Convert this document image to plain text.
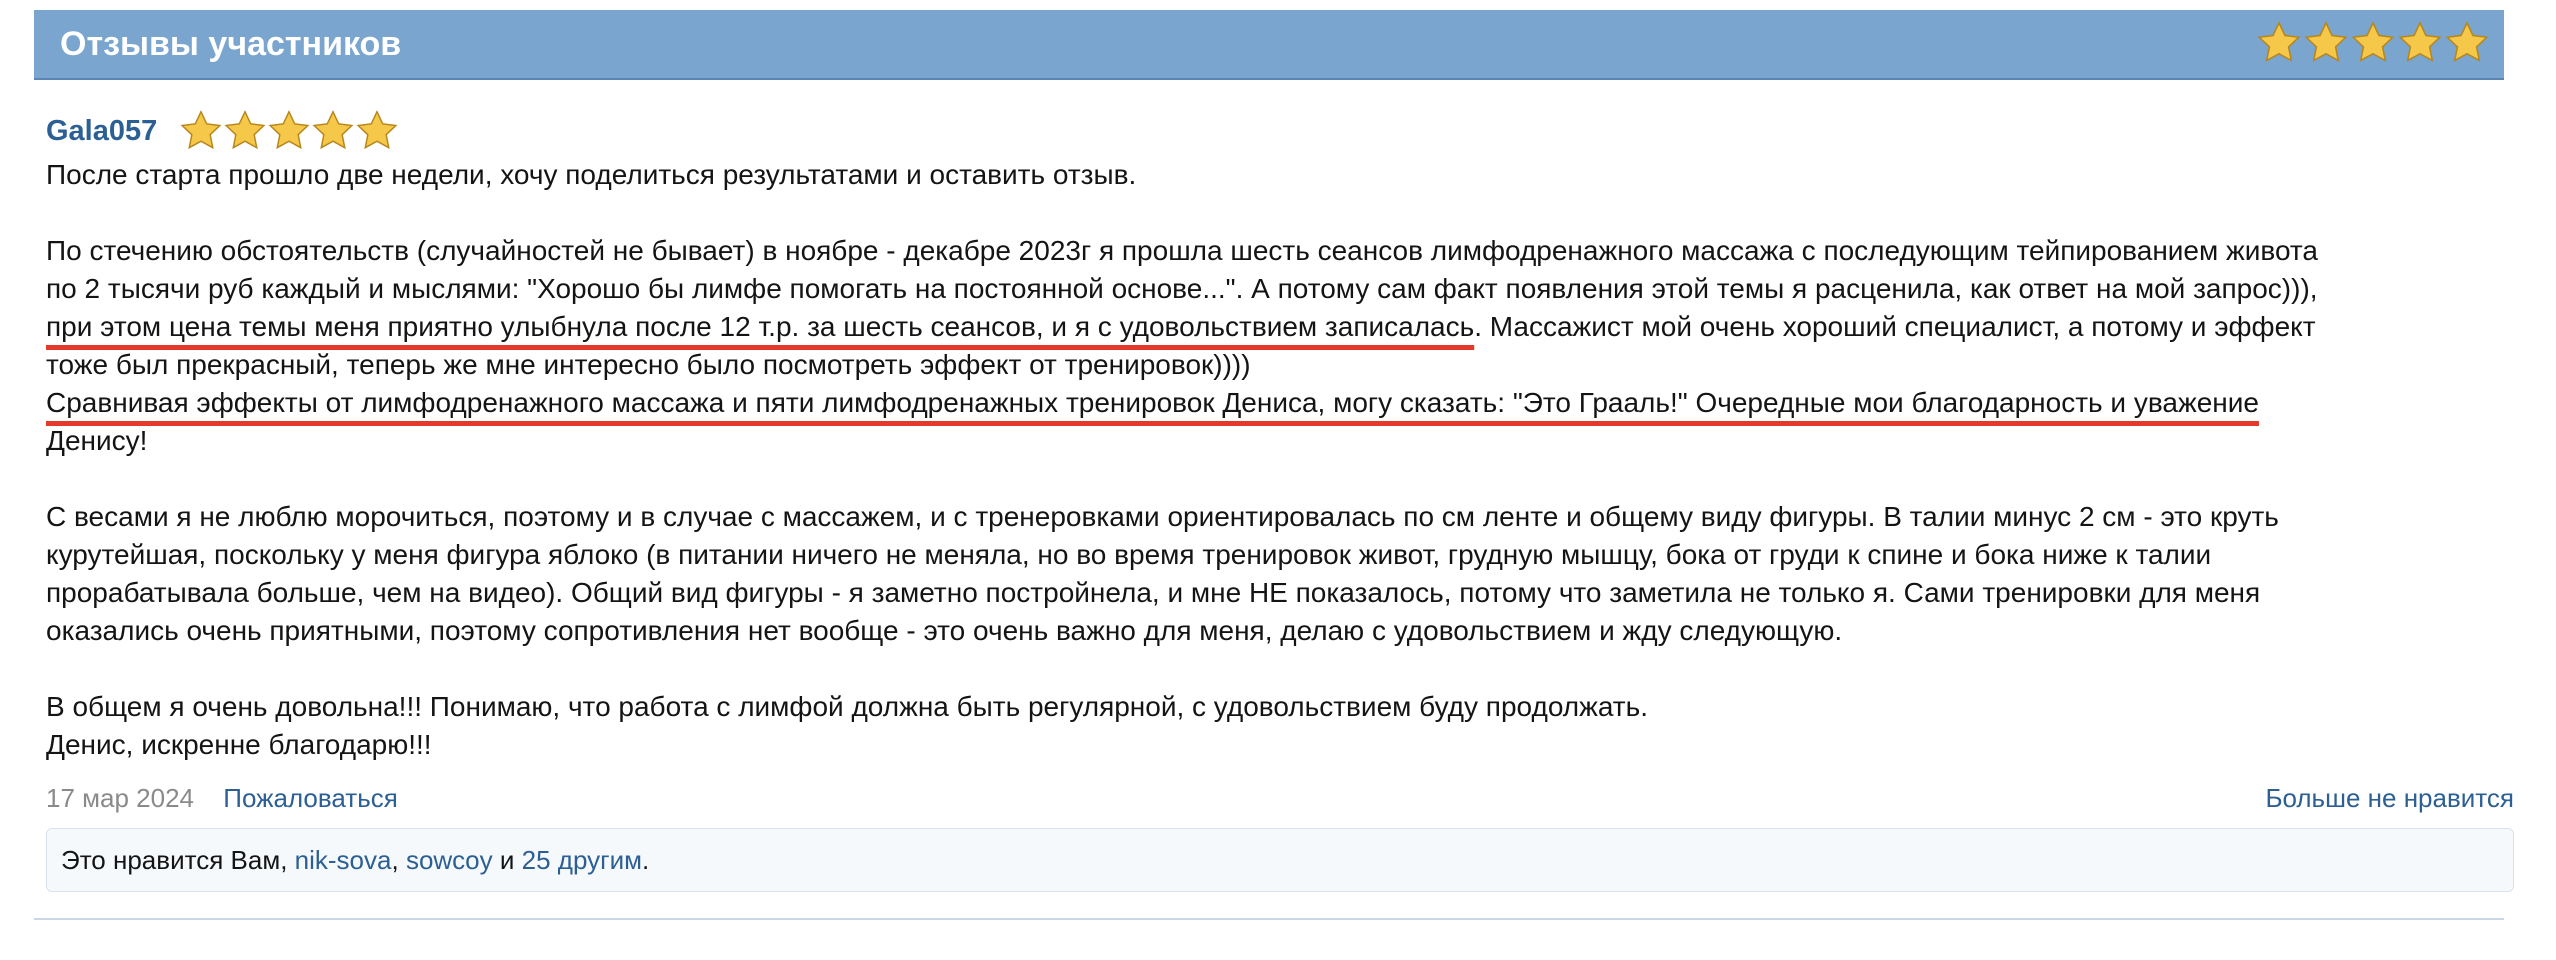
Отзывы участников
Gala057

После старта прошло две недели, хочу поделиться результатами и оставить отзыв.

По стечению обстоятельств (случайностей не бывает) в ноябре - декабре 2023г я прошла шесть сеансов лимфодренажного массажа с последующим тейпированием живота

по 2 тысячи руб каждый и мыслями: "Хорошо бы лимфе помогать на постоянной основе...". А потому сам факт появления этой темы я расценила, как ответ на мой запрос))),

при этом цена темы меня приятно улыбнула после 12 т.р. за шесть сеансов, и я с удовольствием записалась. Массажист мой очень хороший специалист, а потому и эффект

тоже был прекрасный, теперь же мне интересно было посмотреть эффект от тренировок))))

Сравнивая эффекты от лимфодренажного массажа и пяти лимфодренажных тренировок Дениса, могу сказать: "Это Грааль!" Очередные мои благодарность и уважение

Денису!

С весами я не люблю морочиться, поэтому и в случае с массажем, и с тренеровками ориентировалась по см ленте и общему виду фигуры. В талии минус 2 см - это круть

курутейшая, поскольку у меня фигура яблоко (в питании ничего не меняла, но во время тренировок живот, грудную мышцу, бока от груди к спине и бока ниже к талии

прорабатывала больше, чем на видео). Общий вид фигуры - я заметно постройнела, и мне НЕ показалось, потому что заметила не только я. Сами тренировки для меня

оказались очень приятными, поэтому сопротивления нет вообще - это очень важно для меня, делаю с удовольствием и жду следующую.

В общем я очень довольна!!! Понимаю, что работа с лимфой должна быть регулярной, с удовольствием буду продолжать.

Денис, искренне благодарю!!!

17 мар 2024 Пожаловаться	Больше не нравится
Это нравится Вам, nik-sova, sowcoy и 25 другим.
